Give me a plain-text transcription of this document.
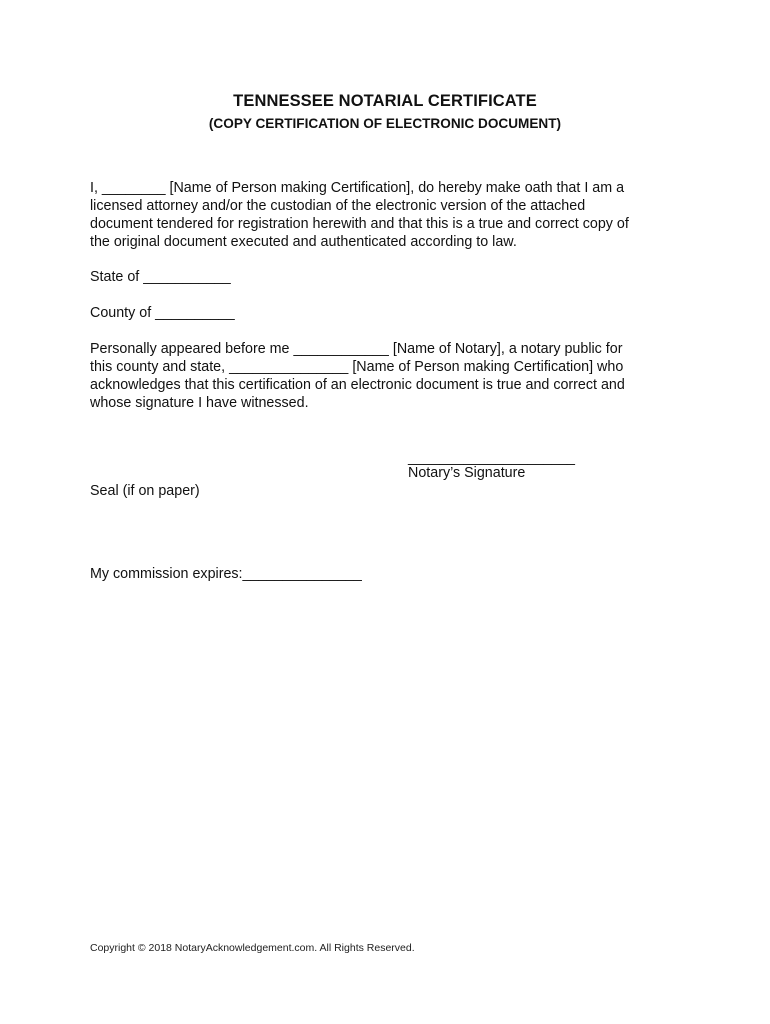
TENNESSEE NOTARIAL CERTIFICATE
(COPY CERTIFICATION OF ELECTRONIC DOCUMENT)

I, ________ [Name of Person making Certification], do hereby make oath that I am a
licensed attorney and/or the custodian of the electronic version of the attached
document tendered for registration herewith and that this is a true and correct copy of
the original document executed and authenticated according to law.

State of ___________

County of __________

Personally appeared before me ____________ [Name of Notary], a notary public for
this county and state, _______________ [Name of Person making Certification] who
acknowledges that this certification of an electronic document is true and correct and
whose signature I have witnessed.

_____________________
Notary’s Signature
Seal (if on paper)
My commission expires:_______________
Copyright © 2018 NotaryAcknowledgement.com. All Rights Reserved.
